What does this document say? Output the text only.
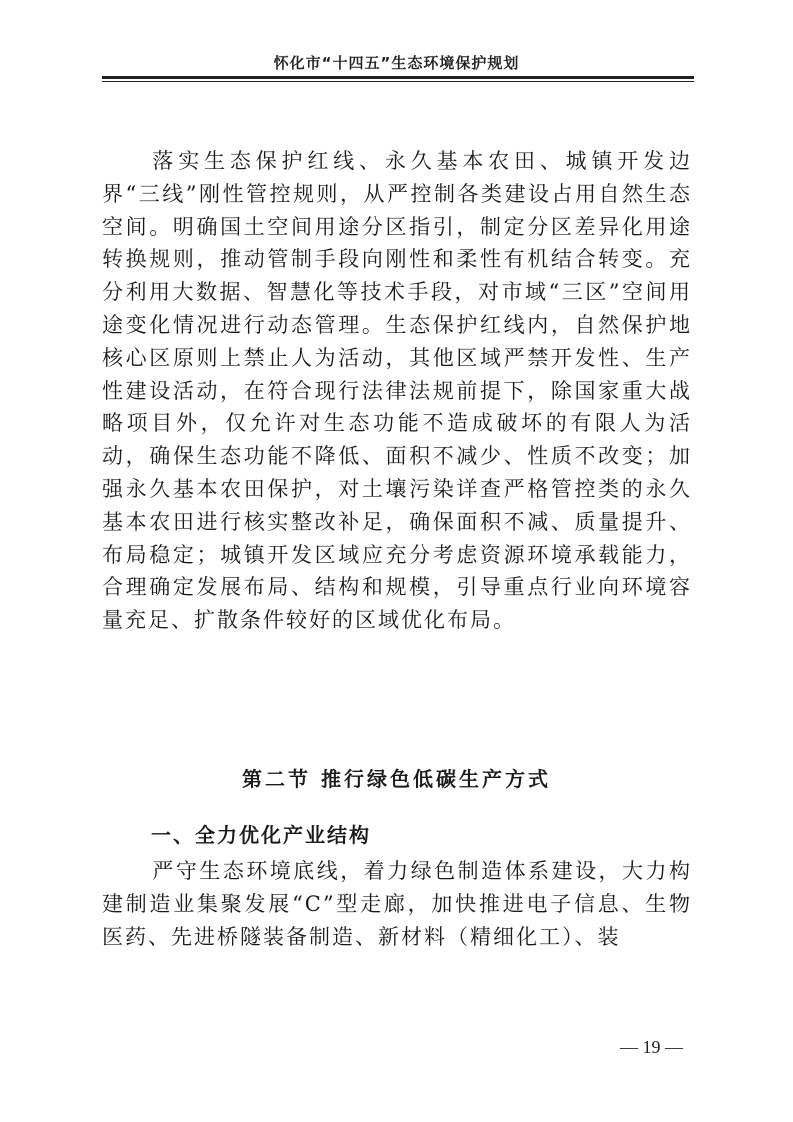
怀化市“十四五”生态环境保护规划

落实生态保护红线、永久基本农田、城镇开发边界“三线”刚性管控规则，从严控制各类建设占用自然生态空间。明确国土空间用途分区指引，制定分区差异化用途转换规则，推动管制手段向刚性和柔性有机结合转变。充分利用大数据、智慧化等技术手段，对市域“三区”空间用途变化情况进行动态管理。生态保护红线内，自然保护地核心区原则上禁止人为活动，其他区域严禁开发性、生产性建设活动，在符合现行法律法规前提下，除国家重大战略项目外，仅允许对生态功能不造成破坏的有限人为活动，确保生态功能不降低、面积不减少、性质不改变；加强永久基本农田保护，对土壤污染详查严格管控类的永久基本农田进行核实整改补足，确保面积不减、质量提升、布局稳定；城镇开发区域应充分考虑资源环境承载能力，合理确定发展布局、结构和规模，引导重点行业向环境容量充足、扩散条件较好的区域优化布局。

第二节 推行绿色低碳生产方式
一、全力优化产业结构

严守生态环境底线，着力绿色制造体系建设，大力构建制造业集聚发展“C”型走廊，加快推进电子信息、生物医药、先进桥隧装备制造、新材料（精细化工）、装

— 19 —
